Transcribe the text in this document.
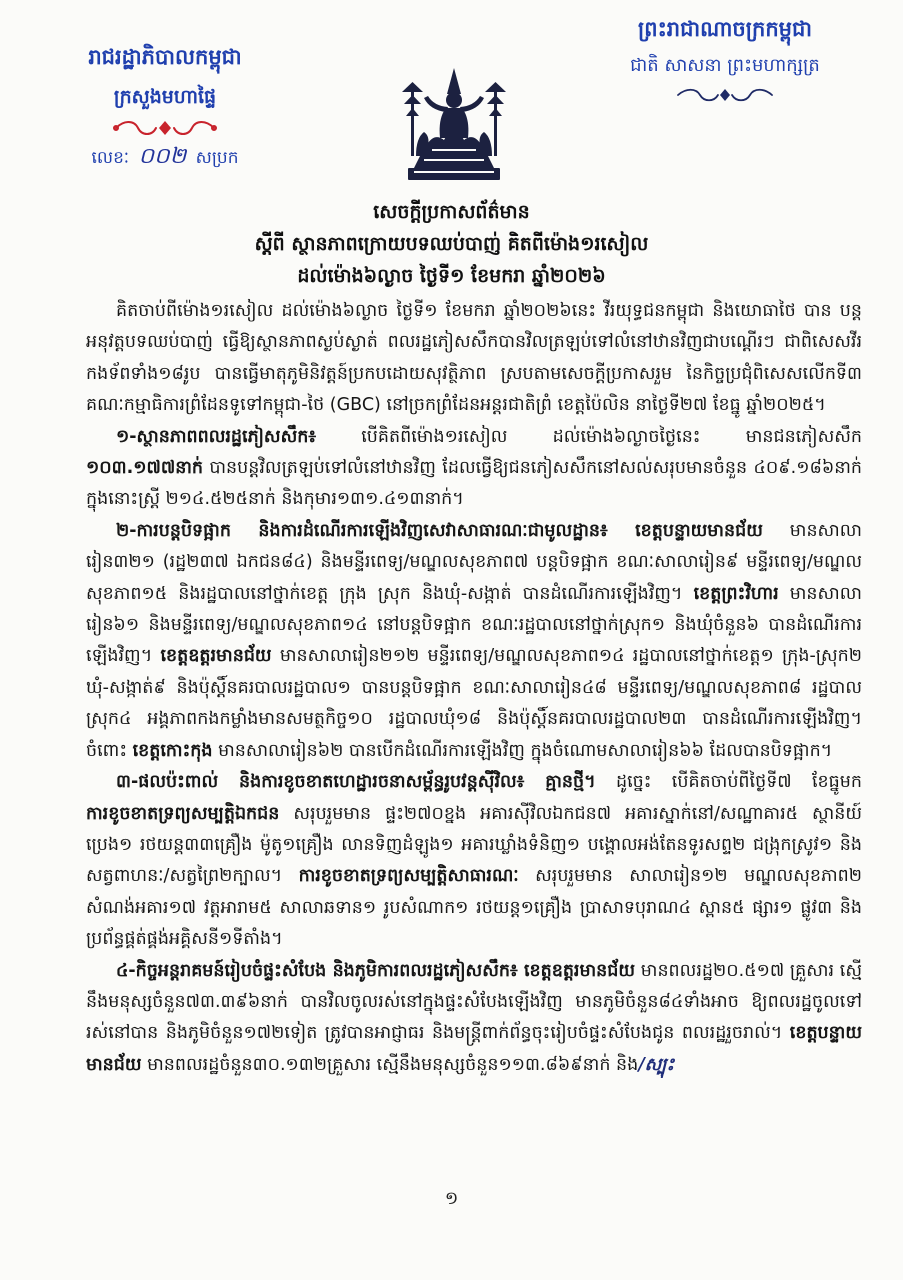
រាជរដ្ឋាភិបាលកម្ពុជា
ក្រសួងមហាផ្ទៃ
លេខៈ ០០២ សប្រក
ព្រះរាជាណាចក្រកម្ពុជា
ជាតិ សាសនា ព្រះមហាក្សត្រ
សេចក្តីប្រកាសព័ត៌មាន
ស្តីពី ស្ថានភាពក្រោយបទឈប់បាញ់ គិតពីម៉ោង១រសៀល
ដល់ម៉ោង៦ល្ងាច ថ្ងៃទី១ ខែមករា ឆ្នាំ២០២៦

គិតចាប់ពីម៉ោង១រសៀល ដល់ម៉ោង៦ល្ងាច ថ្ងៃទី១ ខែមករា ឆ្នាំ២០២៦នេះ វីរយុទ្ធជនកម្ពុជា និងយោធាថៃ បាន បន្តអនុវត្តបទឈប់បាញ់ ធ្វើឱ្យស្ថានភាពស្ងប់ស្ងាត់ ពលរដ្ឋភៀសសឹកបានវិលត្រឡប់ទៅលំនៅឋានវិញជាបណ្តើរៗ ជាពិសេសវីរកងទ័ពទាំង១៨រូប បានធ្វើមាតុភូមិនិវត្តន៍ប្រកបដោយសុវត្ថិភាព ស្របតាមសេចក្តីប្រកាសរួម នៃកិច្ចប្រជុំពិសេសលើកទី៣ គណៈកម្មាធិការព្រំដែនទូទៅកម្ពុជា-ថៃ (GBC) នៅច្រកព្រំដែនអន្តរជាតិព្រំ ខេត្តប៉ៃលិន នាថ្ងៃទី២៧ ខែធ្នូ ឆ្នាំ២០២៥។

១-ស្ថានភាពពលរដ្ឋភៀសសឹក៖ បើគិតពីម៉ោង១រសៀល ដល់ម៉ោង៦ល្ងាចថ្ងៃនេះ មានជនភៀសសឹក ១០៣.១៧៧នាក់ បានបន្តវិលត្រឡប់ទៅលំនៅឋានវិញ ដែលធ្វើឱ្យជនភៀសសឹកនៅសល់សរុបមានចំនួន ៤០៩.១៨៦នាក់ ក្នុងនោះស្ត្រី ២១៤.៥២៥នាក់ និងកុមារ១៣១.៤១៣នាក់។

២-ការបន្តបិទផ្អាក និងការដំណើរការឡើងវិញសេវាសាធារណៈជាមូលដ្ឋាន៖ ខេត្តបន្ទាយមានជ័យ មានសាលារៀន៣២១ (រដ្ឋ២៣៧ ឯកជន៨៤) និងមន្ទីរពេទ្យ/មណ្ឌលសុខភាព៧ បន្តបិទផ្អាក ខណៈសាលារៀន៩ មន្ទីរពេទ្យ/មណ្ឌលសុខភាព១៥ និងរដ្ឋបាលនៅថ្នាក់ខេត្ត ក្រុង ស្រុក និងឃុំ-សង្កាត់ បានដំណើរការឡើងវិញ។ ខេត្តព្រះវិហារ មានសាលារៀន៦១ និងមន្ទីរពេទ្យ/មណ្ឌលសុខភាព១៤ នៅបន្តបិទផ្អាក ខណៈរដ្ឋបាលនៅថ្នាក់ស្រុក១ និងឃុំចំនួន៦ បានដំណើរការឡើងវិញ។ ខេត្តឧត្តរមានជ័យ មានសាលារៀន២១២ មន្ទីរពេទ្យ/មណ្ឌលសុខភាព១៤ រដ្ឋបាលនៅថ្នាក់ខេត្ត១ ក្រុង-ស្រុក២ ឃុំ-សង្កាត់៩ និងប៉ុស្តិ៍នគរបាលរដ្ឋបាល១ បានបន្តបិទផ្អាក ខណៈសាលារៀន៤៨ មន្ទីរពេទ្យ/មណ្ឌលសុខភាព៨ រដ្ឋបាលស្រុក៤ អង្គភាពកងកម្លាំងមានសមត្ថកិច្ច១០ រដ្ឋបាលឃុំ១៨ និងប៉ុស្តិ៍នគរបាលរដ្ឋបាល២៣ បានដំណើរការឡើងវិញ។ ចំពោះ ខេត្តកោះកុង មានសាលារៀន៦២ បានបើកដំណើរការឡើងវិញ ក្នុងចំណោមសាលារៀន៦៦ ដែលបានបិទផ្អាក។

៣-ផលប៉ះពាល់ និងការខូចខាតហេដ្ឋារចនាសម្ព័ន្ធរូបវន្តស៊ីវិល៖ គ្មានថ្មី។ ដូច្នេះ បើគិតចាប់ពីថ្ងៃទី៧ ខែធ្នូមក ការខូចខាតទ្រព្យសម្បត្តិឯកជន សរុបរួមមាន ផ្ទះ២៧០ខ្នង អគារស៊ីវិលឯកជន៧ អគារស្នាក់នៅ/សណ្ឋាគារ៥ ស្ថានីយ៍ប្រេង១ រថយន្ត៣៣គ្រឿង ម៉ូតូ១គ្រឿង លានទិញដំឡូង១ អគារឃ្លាំងទំនិញ១ បង្គោលអង់តែនទូរសព្ទ២ ជង្រុកស្រូវ១ និងសត្វពាហនៈ/សត្វព្រៃ២ក្បាល។ ការខូចខាតទ្រព្យសម្បត្តិសាធារណៈ សរុបរួមមាន សាលារៀន១២ មណ្ឌលសុខភាព២ សំណង់អគារ១៧ វត្តអារាម៥ សាលាឆទាន១ រូបសំណាក១ រថយន្ត១គ្រឿង ប្រាសាទបុរាណ៤ ស្ពាន៥ ផ្សារ១ ផ្លូវ៣ និងប្រព័ន្ធផ្គត់ផ្គង់អគ្គិសនី១ទីតាំង។

៤-កិច្ចអន្តរាគមន៍រៀបចំផ្ទះសំបែង និងភូមិការពលរដ្ឋភៀសសឹក៖ ខេត្តឧត្តរមានជ័យ មានពលរដ្ឋ២០.៥១៧ គ្រួសារ ស្មើនឹងមនុស្សចំនួន៧៣.៣៩៦នាក់ បានវិលចូលរស់នៅក្នុងផ្ទះសំបែងឡើងវិញ មានភូមិចំនួន៨៤ទាំងអាច ឱ្យពលរដ្ឋចូលទៅរស់នៅបាន និងភូមិចំនួន១៧២ទៀត ត្រូវបានអាជ្ញាធរ និងមន្ត្រីពាក់ព័ន្ធចុះរៀបចំផ្ទះសំបែងជូន ពលរដ្ឋរួចរាល់។ ខេត្តបន្ទាយមានជ័យ មានពលរដ្ឋចំនួន៣០.១៣២គ្រួសារ ស្មើនឹងមនុស្សចំនួន១១៣.៨៦៩នាក់ និង/ស្បុះ

១
